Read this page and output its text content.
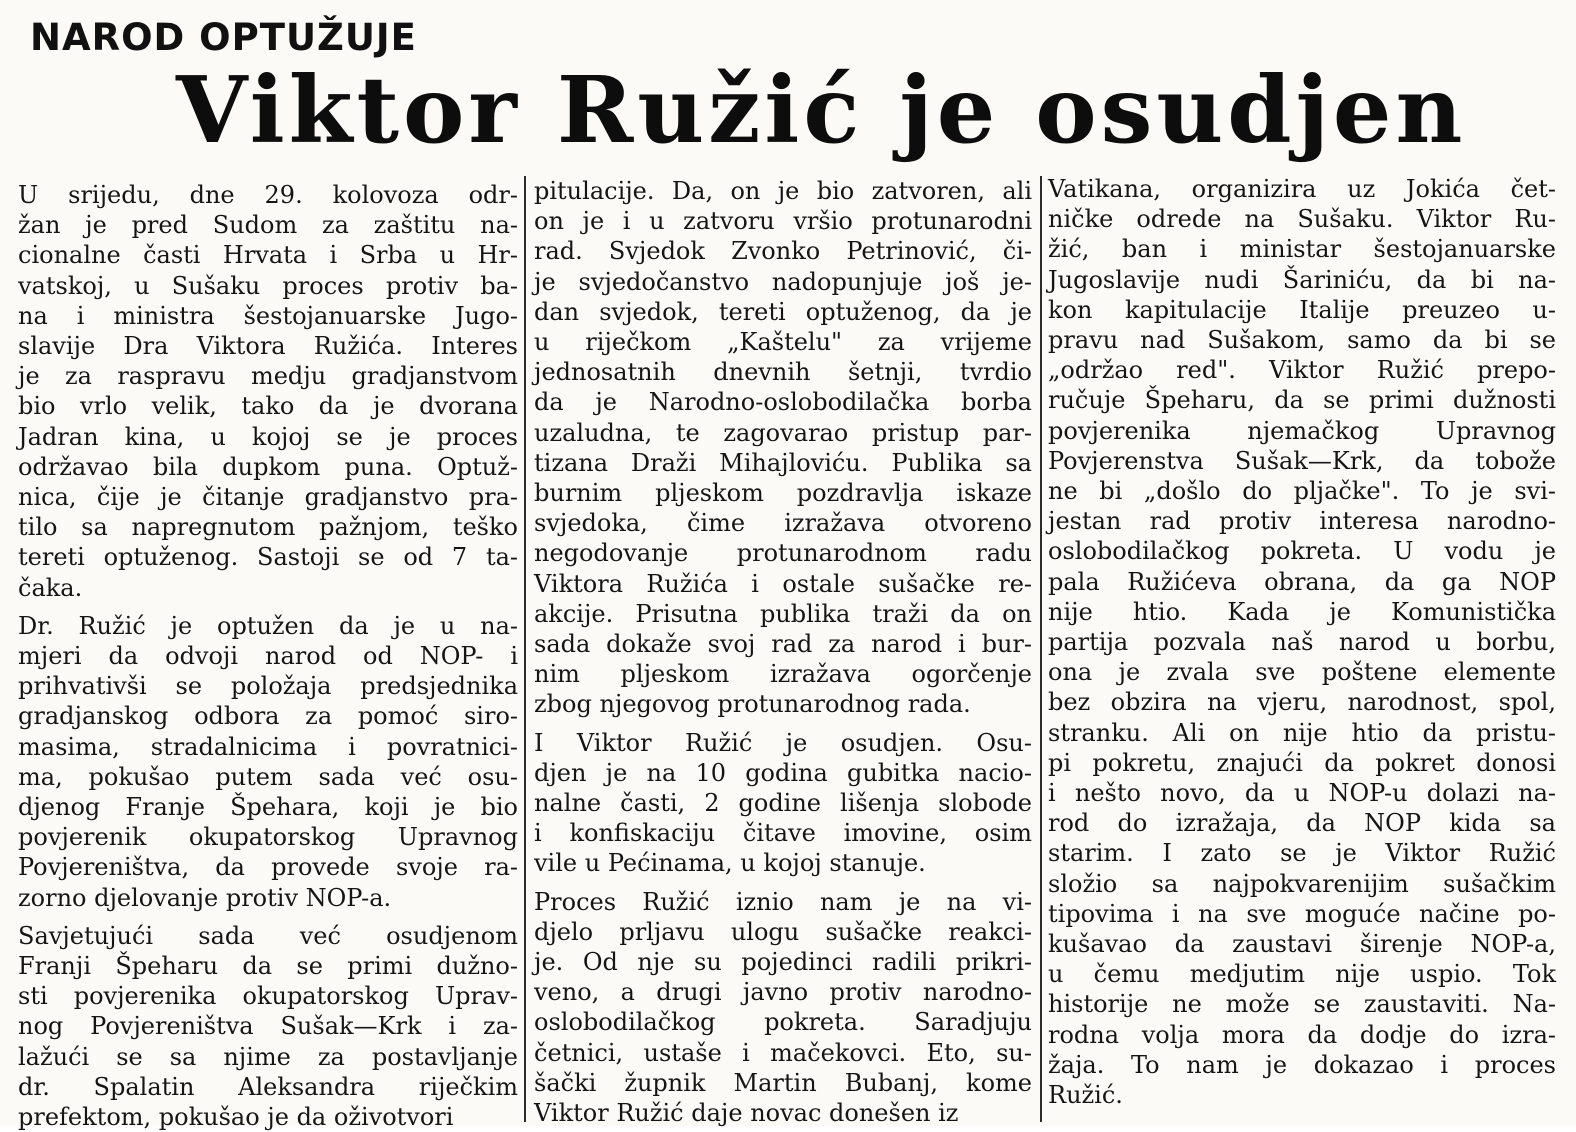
NAROD OPTUŽUJE
Viktor Ružić je osudjen

U srijedu, dne 29. kolovoza odr-
žan je pred Sudom za zaštitu na-
cionalne časti Hrvata i Srba u Hr-
vatskoj, u Sušaku proces protiv ba-
na i ministra šestojanuarske Jugo-
slavije Dra Viktora Ružića. Interes
je za raspravu medju gradjanstvom
bio vrlo velik, tako da je dvorana
Jadran kina, u kojoj se je proces
održavao bila dupkom puna. Optuž-
nica, čije je čitanje gradjanstvo pra-
tilo sa napregnutom pažnjom, teško
tereti optuženog. Sastoji se od 7 ta-
čaka.

Dr. Ružić je optužen da je u na-
mjeri da odvoji narod od NOP- i
prihvativši se položaja predsjednika
gradjanskog odbora za pomoć siro-
masima, stradalnicima i povratnici-
ma, pokušao putem sada već osu-
djenog Franje Špehara, koji je bio
povjerenik okupatorskog Upravnog
Povjereništva, da provede svoje ra-
zorno djelovanje protiv NOP-a.

Savjetujući sada već osudjenom
Franji Špeharu da se primi dužno-
sti povjerenika okupatorskog Uprav-
nog Povjereništva Sušak—Krk i za-
lažući se sa njime za postavljanje
dr. Spalatin Aleksandra riječkim
prefektom, pokušao je da oživotvori

pitulacije. Da, on je bio zatvoren, ali
on je i u zatvoru vršio protunarodni
rad. Svjedok Zvonko Petrinović, či-
je svjedočanstvo nadopunjuje još je-
dan svjedok, tereti optuženog, da je
u riječkom „Kaštelu" za vrijeme
jednosatnih dnevnih šetnji, tvrdio
da je Narodno-oslobodilačka borba
uzaludna, te zagovarao pristup par-
tizana Draži Mihajloviću. Publika sa
burnim pljeskom pozdravlja iskaze
svjedoka, čime izražava otvoreno
negodovanje protunarodnom radu
Viktora Ružića i ostale sušačke re-
akcije. Prisutna publika traži da on
sada dokaže svoj rad za narod i bur-
nim pljeskom izražava ogorčenje
zbog njegovog protunarodnog rada.

I Viktor Ružić je osudjen. Osu-
djen je na 10 godina gubitka nacio-
nalne časti, 2 godine lišenja slobode
i konfiskaciju čitave imovine, osim
vile u Pećinama, u kojoj stanuje.

Proces Ružić iznio nam je na vi-
djelo prljavu ulogu sušačke reakci-
je. Od nje su pojedinci radili prikri-
veno, a drugi javno protiv narodno-
oslobodilačkog pokreta. Saradjuju
četnici, ustaše i mačekovci. Eto, su-
šački župnik Martin Bubanj, kome
Viktor Ružić daje novac donešen iz

Vatikana, organizira uz Jokića čet-
ničke odrede na Sušaku. Viktor Ru-
žić, ban i ministar šestojanuarske
Jugoslavije nudi Šariniću, da bi na-
kon kapitulacije Italije preuzeo u-
pravu nad Sušakom, samo da bi se
„održao red". Viktor Ružić prepo-
ručuje Špeharu, da se primi dužnosti
povjerenika njemačkog Upravnog
Povjerenstva Sušak—Krk, da tobože
ne bi „došlo do pljačke". To je svi-
jestan rad protiv interesa narodno-
oslobodilačkog pokreta. U vodu je
pala Ružićeva obrana, da ga NOP
nije htio. Kada je Komunistička
partija pozvala naš narod u borbu,
ona je zvala sve poštene elemente
bez obzira na vjeru, narodnost, spol,
stranku. Ali on nije htio da pristu-
pi pokretu, znajući da pokret donosi
i nešto novo, da u NOP-u dolazi na-
rod do izražaja, da NOP kida sa
starim. I zato se je Viktor Ružić
složio sa najpokvarenijim sušačkim
tipovima i na sve moguće načine po-
kušavao da zaustavi širenje NOP-a,
u čemu medjutim nije uspio. Tok
historije ne može se zaustaviti. Na-
rodna volja mora da dodje do izra-
žaja. To nam je dokazao i proces
Ružić.
